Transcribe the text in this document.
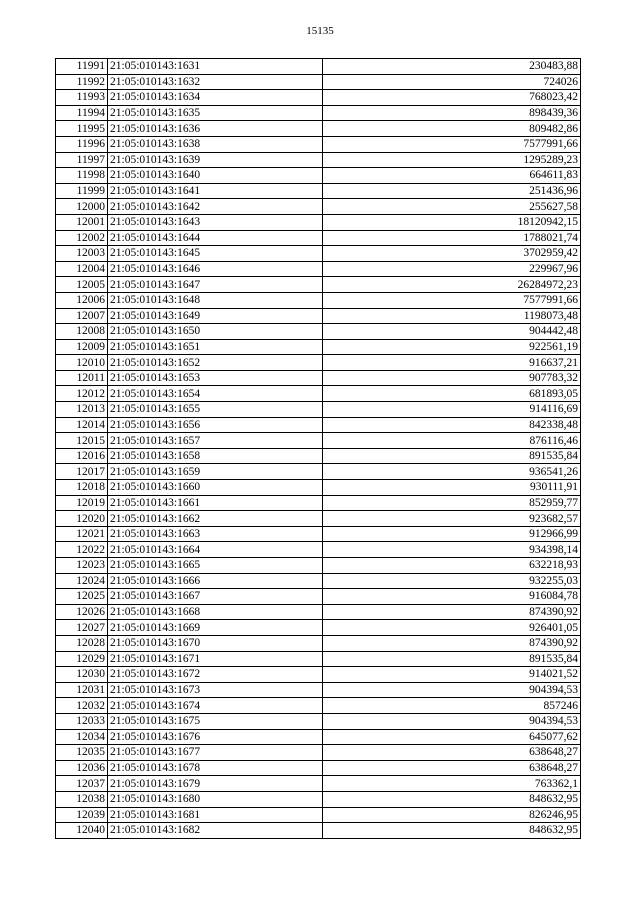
15135
11991	21:05:010143:1631	230483,88
11992	21:05:010143:1632	724026
11993	21:05:010143:1634	768023,42
11994	21:05:010143:1635	898439,36
11995	21:05:010143:1636	809482,86
11996	21:05:010143:1638	7577991,66
11997	21:05:010143:1639	1295289,23
11998	21:05:010143:1640	664611,83
11999	21:05:010143:1641	251436,96
12000	21:05:010143:1642	255627,58
12001	21:05:010143:1643	18120942,15
12002	21:05:010143:1644	1788021,74
12003	21:05:010143:1645	3702959,42
12004	21:05:010143:1646	229967,96
12005	21:05:010143:1647	26284972,23
12006	21:05:010143:1648	7577991,66
12007	21:05:010143:1649	1198073,48
12008	21:05:010143:1650	904442,48
12009	21:05:010143:1651	922561,19
12010	21:05:010143:1652	916637,21
12011	21:05:010143:1653	907783,32
12012	21:05:010143:1654	681893,05
12013	21:05:010143:1655	914116,69
12014	21:05:010143:1656	842338,48
12015	21:05:010143:1657	876116,46
12016	21:05:010143:1658	891535,84
12017	21:05:010143:1659	936541,26
12018	21:05:010143:1660	930111,91
12019	21:05:010143:1661	852959,77
12020	21:05:010143:1662	923682,57
12021	21:05:010143:1663	912966,99
12022	21:05:010143:1664	934398,14
12023	21:05:010143:1665	632218,93
12024	21:05:010143:1666	932255,03
12025	21:05:010143:1667	916084,78
12026	21:05:010143:1668	874390,92
12027	21:05:010143:1669	926401,05
12028	21:05:010143:1670	874390,92
12029	21:05:010143:1671	891535,84
12030	21:05:010143:1672	914021,52
12031	21:05:010143:1673	904394,53
12032	21:05:010143:1674	857246
12033	21:05:010143:1675	904394,53
12034	21:05:010143:1676	645077,62
12035	21:05:010143:1677	638648,27
12036	21:05:010143:1678	638648,27
12037	21:05:010143:1679	763362,1
12038	21:05:010143:1680	848632,95
12039	21:05:010143:1681	826246,95
12040	21:05:010143:1682	848632,95
